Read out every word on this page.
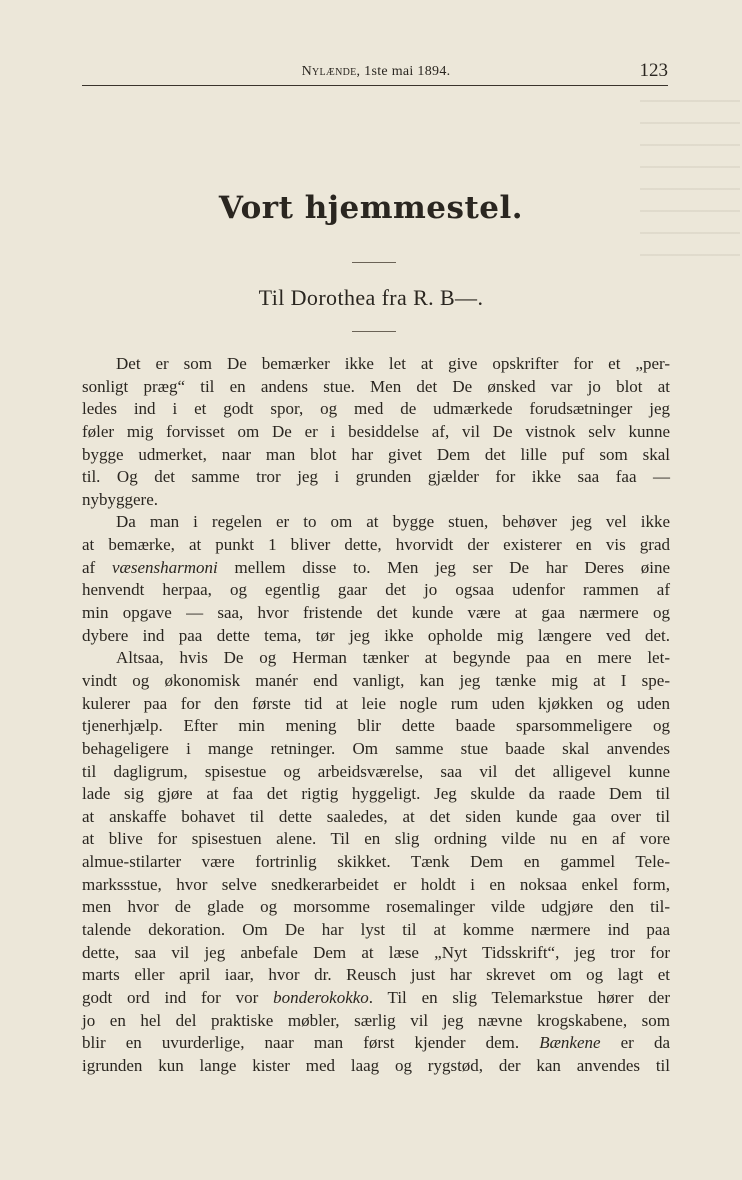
Nylænde, 1ste mai 1894.	123
Vort hjemmestel.
Til Dorothea fra R. B—.
Det er som De bemærker ikke let at give opskrifter for et „per-
sonligt præg“ til en andens stue. Men det De ønsked var jo blot at
ledes ind i et godt spor, og med de udmærkede forudsætninger jeg
føler mig forvisset om De er i besiddelse af, vil De vistnok selv kunne
bygge udmerket, naar man blot har givet Dem det lille puf som skal
til. Og det samme tror jeg i grunden gjælder for ikke saa faa —
nybyggere.
Da man i regelen er to om at bygge stuen, behøver jeg vel ikke
at bemærke, at punkt 1 bliver dette, hvorvidt der existerer en vis grad
af væsensharmoni mellem disse to. Men jeg ser De har Deres øine
henvendt herpaa, og egentlig gaar det jo ogsaa udenfor rammen af
min opgave — saa, hvor fristende det kunde være at gaa nærmere og
dybere ind paa dette tema, tør jeg ikke opholde mig længere ved det.
Altsaa, hvis De og Herman tænker at begynde paa en mere let-
vindt og økonomisk manér end vanligt, kan jeg tænke mig at I spe-
kulerer paa for den første tid at leie nogle rum uden kjøkken og uden
tjenerhjælp. Efter min mening blir dette baade sparsommeligere og
behageligere i mange retninger. Om samme stue baade skal anvendes
til dagligrum, spisestue og arbeidsværelse, saa vil det alligevel kunne
lade sig gjøre at faa det rigtig hyggeligt. Jeg skulde da raade Dem til
at anskaffe bohavet til dette saaledes, at det siden kunde gaa over til
at blive for spisestuen alene. Til en slig ordning vilde nu en af vore
almue-stilarter være fortrinlig skikket. Tænk Dem en gammel Tele-
markssstue, hvor selve snedkerarbeidet er holdt i en noksaa enkel form,
men hvor de glade og morsomme rosemalinger vilde udgjøre den til-
talende dekoration. Om De har lyst til at komme nærmere ind paa
dette, saa vil jeg anbefale Dem at læse „Nyt Tidsskrift“, jeg tror for
marts eller april iaar, hvor dr. Reusch just har skrevet om og lagt et
godt ord ind for vor bonderokokko. Til en slig Telemarkstue hører der
jo en hel del praktiske møbler, særlig vil jeg nævne krogskabene, som
blir en uvurderlige, naar man først kjender dem. Bænkene er da
igrunden kun lange kister med laag og rygstød, der kan anvendes til
